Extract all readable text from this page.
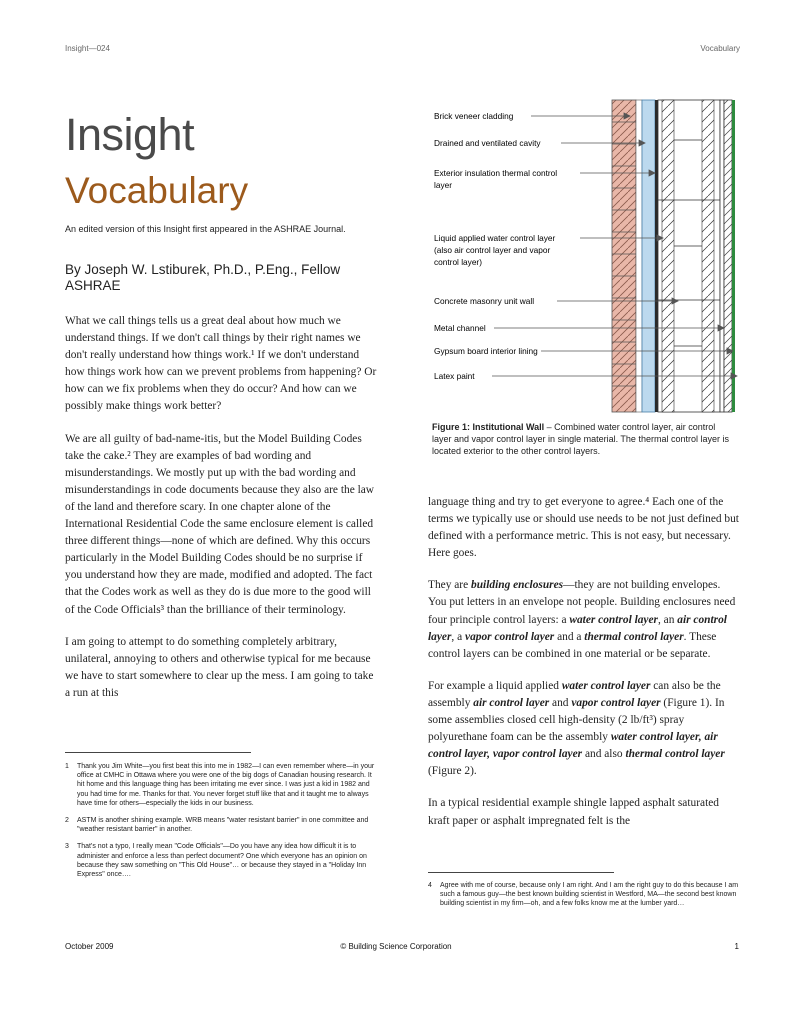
Insight—024	Vocabulary
Insight
Vocabulary
An edited version of this Insight first appeared in the ASHRAE Journal.
By Joseph W. Lstiburek, Ph.D., P.Eng., Fellow ASHRAE

What we call things tells us a great deal about how much we understand things. If we don't call things by their right names we don't really understand how things work.¹ If we don't understand how things work how can we prevent problems from happening? Or how can we fix problems when they do occur? And how can we possibly make things work better?

We are all guilty of bad-name-itis, but the Model Building Codes take the cake.² They are examples of bad wording and misunderstandings. We mostly put up with the bad wording and misunderstandings in code documents because they also are the law of the land and therefore scary. In one chapter alone of the International Residential Code the same enclosure element is called three different things—none of which are defined. Why this occurs particularly in the Model Building Codes should be no surprise if you understand how they are made, modified and adopted. The fact that the Codes work as well as they do is due more to the good will of the Code Officials³ than the brilliance of their terminology.

I am going to attempt to do something completely arbitrary, unilateral, annoying to others and otherwise typical for me because we have to start somewhere to clear up the mess. I am going to take a run at this

1	Thank you Jim White—you first beat this into me in 1982—I can even remember where—in your office at CMHC in Ottawa where you were one of the big dogs of Canadian housing research. It hit home and this language thing has been irritating me ever since. I was just a kid in 1982 and you had time for me. Thanks for that. You never forget stuff like that and it taught me to always have time for others—especially the kids in our business.
2	ASTM is another shining example. WRB means "water resistant barrier" in one committee and "weather resistant barrier" in another.
3	That's not a typo, I really mean "Code Officials"—Do you have any idea how difficult it is to administer and enforce a less than perfect document? One which everyone has an opinion on because they saw something on "This Old House"… or because they stayed in a "Holiday Inn Express" once….
Brick veneer cladding
Drained and ventilated cavity
Exterior insulation thermal control
layer
Liquid applied water control layer
(also air control layer and vapor
control layer)
Concrete masonry unit wall
Metal channel
Gypsum board interior lining
Latex paint
Figure 1: Institutional Wall – Combined water control layer, air control layer and vapor control layer in single material. The thermal control layer is located exterior to the other control layers.

language thing and try to get everyone to agree.⁴ Each one of the terms we typically use or should use needs to be not just defined but defined with a performance metric. This is not easy, but necessary. Here goes.

They are building enclosures—they are not building envelopes. You put letters in an envelope not people. Building enclosures need four principle control layers: a water control layer, an air control layer, a vapor control layer and a thermal control layer. These control layers can be combined in one material or be separate.

For example a liquid applied water control layer can also be the assembly air control layer and vapor control layer (Figure 1). In some assemblies closed cell high-density (2 lb/ft³) spray polyurethane foam can be the assembly water control layer, air control layer, vapor control layer and also thermal control layer (Figure 2).

In a typical residential example shingle lapped asphalt saturated kraft paper or asphalt impregnated felt is the

4	Agree with me of course, because only I am right. And I am the right guy to do this because I am such a famous guy—the best known building scientist in Westford, MA—the second best known building scientist in my firm—oh, and a few folks know me at the lumber yard…
October 2009	© Building Science Corporation	1
